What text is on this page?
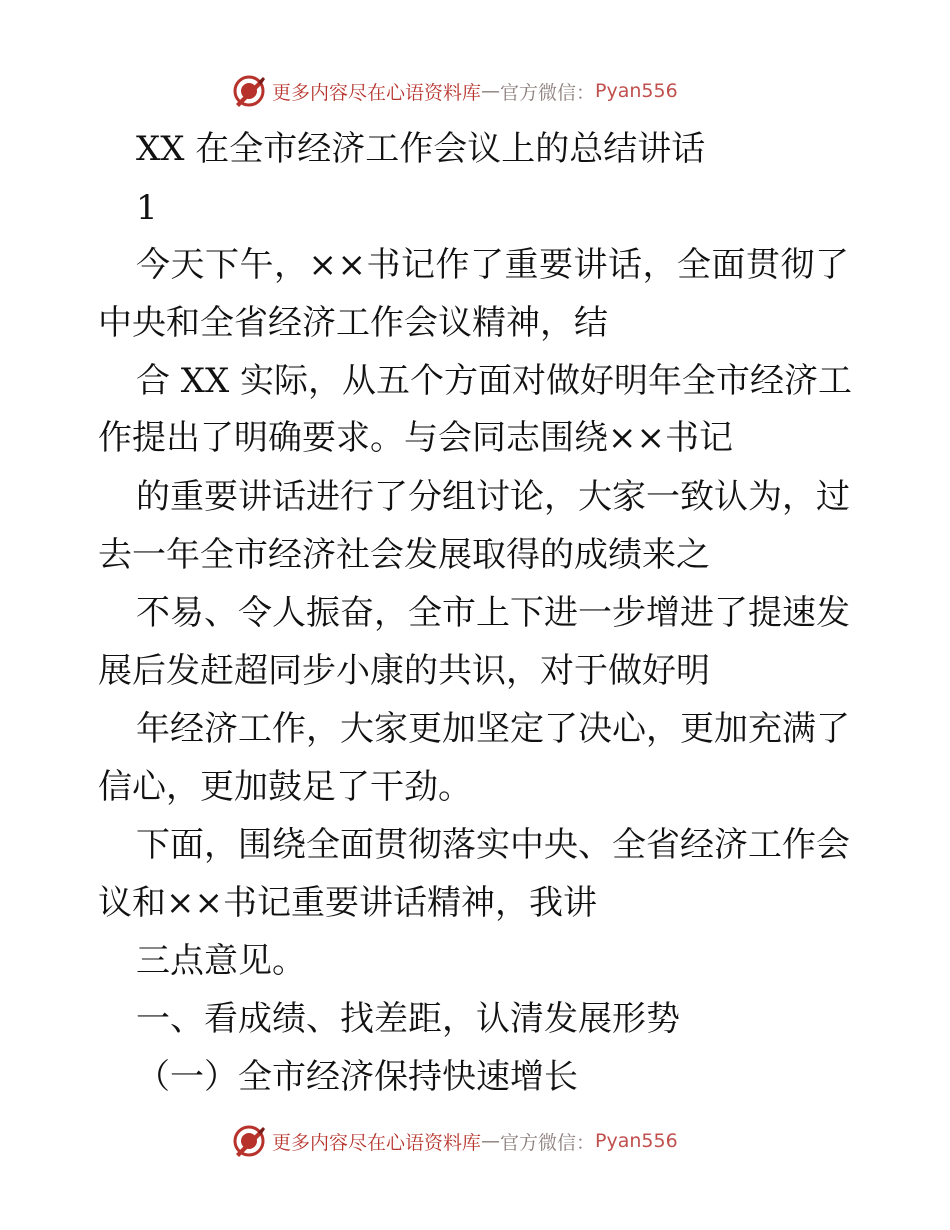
更多内容尽在心语资料库 — 官方微信： Pyan556
XX 在全市经济工作会议上的总结讲话
1
今天下午，××书记作了重要讲话，全面贯彻了
中央和全省经济工作会议精神，结
合 XX 实际，从五个方面对做好明年全市经济工
作提出了明确要求。与会同志围绕××书记
的重要讲话进行了分组讨论，大家一致认为，过
去一年全市经济社会发展取得的成绩来之
不易、令人振奋，全市上下进一步增进了提速发
展后发赶超同步小康的共识，对于做好明
年经济工作，大家更加坚定了决心，更加充满了
信心，更加鼓足了干劲。
下面，围绕全面贯彻落实中央、全省经济工作会
议和××书记重要讲话精神，我讲
三点意见。
一、看成绩、找差距，认清发展形势
（一）全市经济保持快速增长
更多内容尽在心语资料库 — 官方微信： Pyan556
